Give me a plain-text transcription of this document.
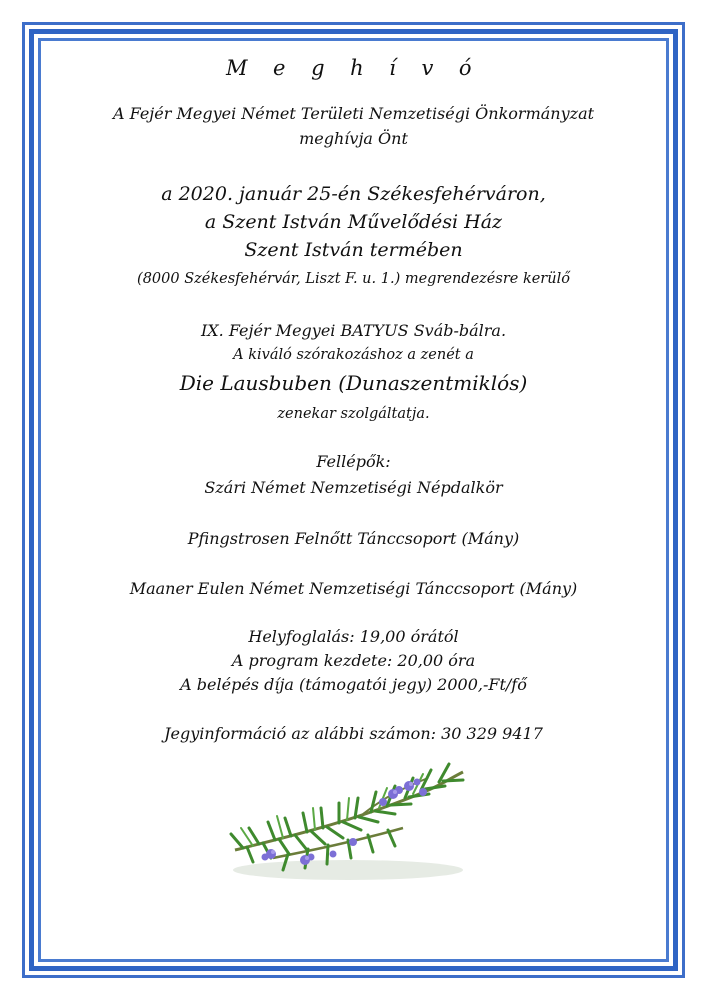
M e g h í v ó
A Fejér Megyei Német Területi Nemzetiségi Önkormányzat
meghívja Önt
a 2020. január 25-én Székesfehérváron,
a Szent István Művelődési Ház
Szent István termében
(8000 Székesfehérvár, Liszt F. u. 1.) megrendezésre kerülő
IX. Fejér Megyei BATYUS Sváb-bálra.
A kiváló szórakozáshoz a zenét a
Die Lausbuben (Dunaszentmiklós)
zenekar szolgáltatja.
Fellépők:
Szári Német Nemzetiségi Népdalkör
Pfingstrosen Felnőtt Tánccsoport (Mány)
Maaner Eulen Német Nemzetiségi Tánccsoport (Mány)
Helyfoglalás: 19,00 órától
A program kezdete: 20,00 óra
A belépés díja (támogatói jegy) 2000,-Ft/fő
Jegyinformáció az alábbi számon: 30 329 9417
